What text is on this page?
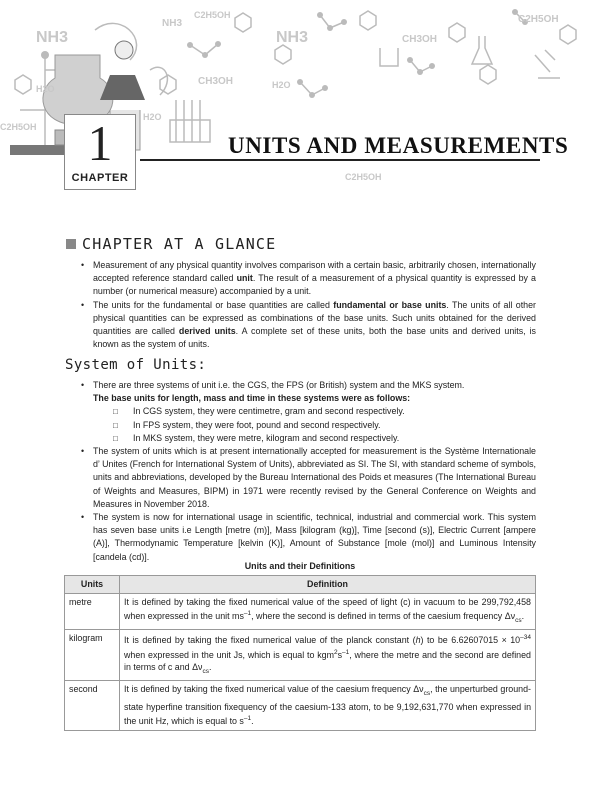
NH3
NH3
NH3
C2H5OH
CH3OH
C2H5OH
CH3OH
C2H5OH
C2H5OH
H2O
H2O
H2O
1
CHAPTER
UNITS AND MEASUREMENTS
CHAPTER AT A GLANCE
• Measurement of any physical quantity involves comparison with a certain basic, arbitrarily chosen, internationally accepted reference standard called unit. The result of a measurement of a physical quantity is expressed by a number (or numerical measure) accompanied by a unit.
• The units for the fundamental or base quantities are called fundamental or base units. The units of all other physical quantities can be expressed as combinations of the base units. Such units obtained for the derived quantities are called derived units. A complete set of these units, both the base units and derived units, is known as the system of units.
System of Units:
• There are three systems of unit i.e. the CGS, the FPS (or British) system and the MKS system.
The base units for length, mass and time in these systems were as follows:
□ In CGS system, they were centimetre, gram and second respectively.
□ In FPS system, they were foot, pound and second respectively.
□ In MKS system, they were metre, kilogram and second respectively.
• The system of units which is at present internationally accepted for measurement is the Système Internationale d’ Unites (French for International System of Units), abbreviated as SI. The SI, with standard scheme of symbols, units and abbreviations, developed by the Bureau International des Poids et measures (The International Bureau of Weights and Measures, BIPM) in 1971 were recently revised by the General Conference on Weights and Measures in November 2018.
• The system is now for international usage in scientific, technical, industrial and commercial work. This system has seven base units i.e Length [metre (m)], Mass [kilogram (kg)], Time [second (s)], Electric Current [ampere (A)], Thermodynamic Temperature [kelvin (K)], Amount of Substance [mole (mol)] and Luminous Intensity [candela (cd)].
Units and their Definitions
Units	Definition
metre	It is defined by taking the fixed numerical value of the speed of light (c) in vacuum to be 299,792,458 when expressed in the unit $ms^{-1}$, where the second is defined in terms of the caesium frequency $\Delta\nu_{cs}$.
kilogram	It is defined by taking the fixed numerical value of the planck constant (h) to be $6.62607015 \times 10^{-34}$ when expressed in the unit Js, which is equal to $kgm^2s^{-1}$, where the metre and the second are defined in terms of c and $\Delta\nu_{cs}$.
second	It is defined by taking the fixed numerical value of the caesium frequency $\Delta\nu_{cs}$, the unperturbed ground-state hyperfine transition fixequency of the caesium-133 atom, to be 9,192,631,770 when expressed in the unit Hz, which is equal to $s^{-1}$.
